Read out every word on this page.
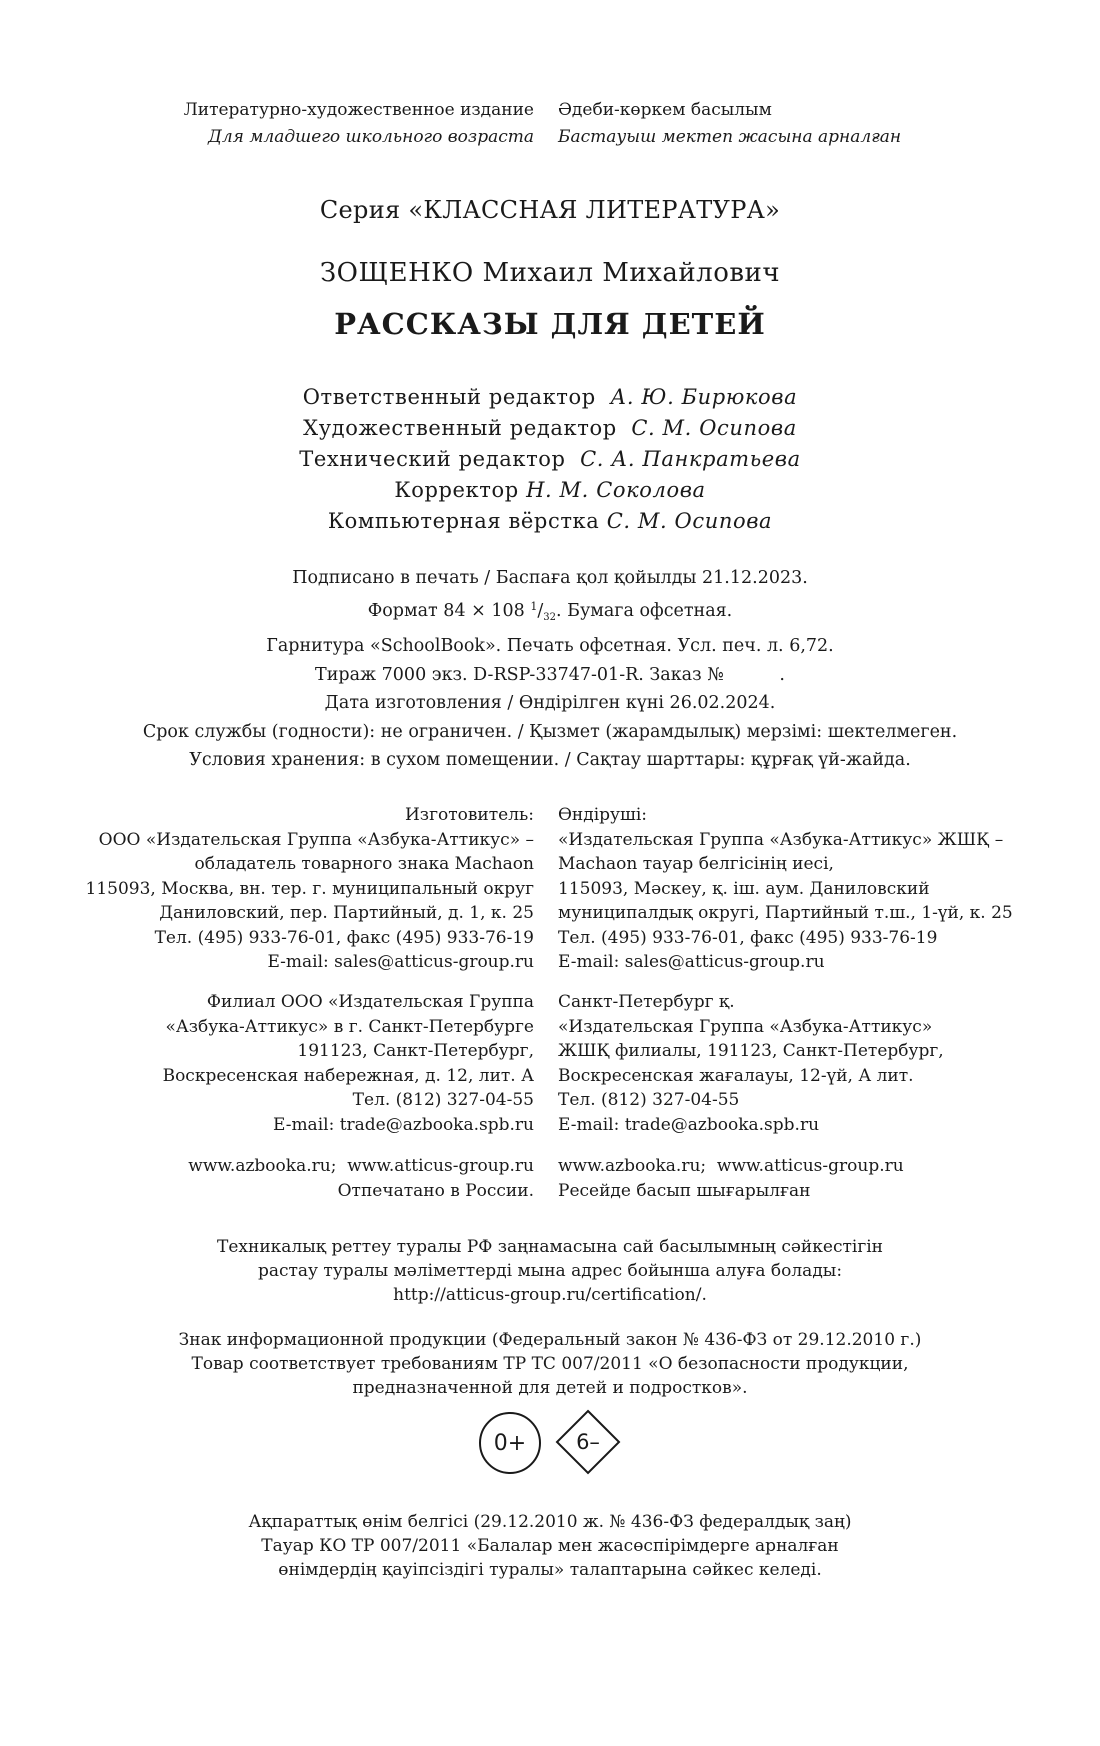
Литературно-художественное издание
Для младшего школьного возраста
Әдеби-көркем басылым
Бастауыш мектеп жасына арналған
Серия «КЛАССНАЯ ЛИТЕРАТУРА»
ЗОЩЕНКО Михаил Михайлович
РАССКАЗЫ ДЛЯ ДЕТЕЙ
Ответственный редактор А. Ю. Бирюкова
Художественный редактор С. М. Осипова
Технический редактор С. А. Панкратьева
Корректор Н. М. Соколова
Компьютерная вёрстка С. М. Осипова
Подписано в печать / Баспаға қол қойылды 21.12.2023.
Формат 84 × 108 $^1/_{32}$. Бумага офсетная.
Гарнитура «SchoolBook». Печать офсетная. Усл. печ. л. 6,72.
Тираж 7000 экз. D-RSP-33747-01-R. Заказ №          .
Дата изготовления / Өндірілген күні 26.02.2024.
Срок службы (годности): не ограничен. / Қызмет (жарамдылық) мерзімі: шектелмеген.
Условия хранения: в сухом помещении. / Сақтау шарттары: құрғақ үй-жайда.
Изготовитель:
ООО «Издательская Группа «Азбука-Аттикус» –
обладатель товарного знака Machaon
115093, Москва, вн. тер. г. муниципальный округ
Даниловский, пер. Партийный, д. 1, к. 25
Тел. (495) 933-76-01, факс (495) 933-76-19
E-mail: sales@atticus-group.ru
Өндіруші:
«Издательская Группа «Азбука-Аттикус» ЖШҚ –
Machaon тауар белгісінің иесі,
115093, Мәскеу, қ. іш. аум. Даниловский
муниципалдық округі, Партийный т.ш., 1-үй, к. 25
Тел. (495) 933-76-01, факс (495) 933-76-19
E-mail: sales@atticus-group.ru
Филиал ООО «Издательская Группа
«Азбука-Аттикус» в г. Санкт-Петербурге
191123, Санкт-Петербург,
Воскресенская набережная, д. 12, лит. А
Тел. (812) 327-04-55
E-mail: trade@azbooka.spb.ru
Санкт-Петербург қ.
«Издательская Группа «Азбука-Аттикус»
ЖШҚ филиалы, 191123, Санкт-Петербург,
Воскресенская жағалауы, 12-үй, А лит.
Тел. (812) 327-04-55
E-mail: trade@azbooka.spb.ru
www.azbooka.ru;  www.atticus-group.ru
Отпечатано в России.
www.azbooka.ru;  www.atticus-group.ru
Ресейде басып шығарылған
Техникалық реттеу туралы РФ заңнамасына сай басылымның сәйкестігін
растау туралы мәліметтерді мына адрес бойынша алуға болады:
http://atticus-group.ru/certification/.
Знак информационной продукции (Федеральный закон № 436-ФЗ от 29.12.2010 г.)
Товар соответствует требованиям ТР ТС 007/2011 «О безопасности продукции,
предназначенной для детей и подростков».
0+	6–
Ақпараттық өнім белгісі (29.12.2010 ж. № 436-ФЗ федералдық заң)
Тауар КО ТР 007/2011 «Балалар мен жасөспірімдерге арналған
өнімдердің қауіпсіздігі туралы» талаптарына сәйкес келеді.
